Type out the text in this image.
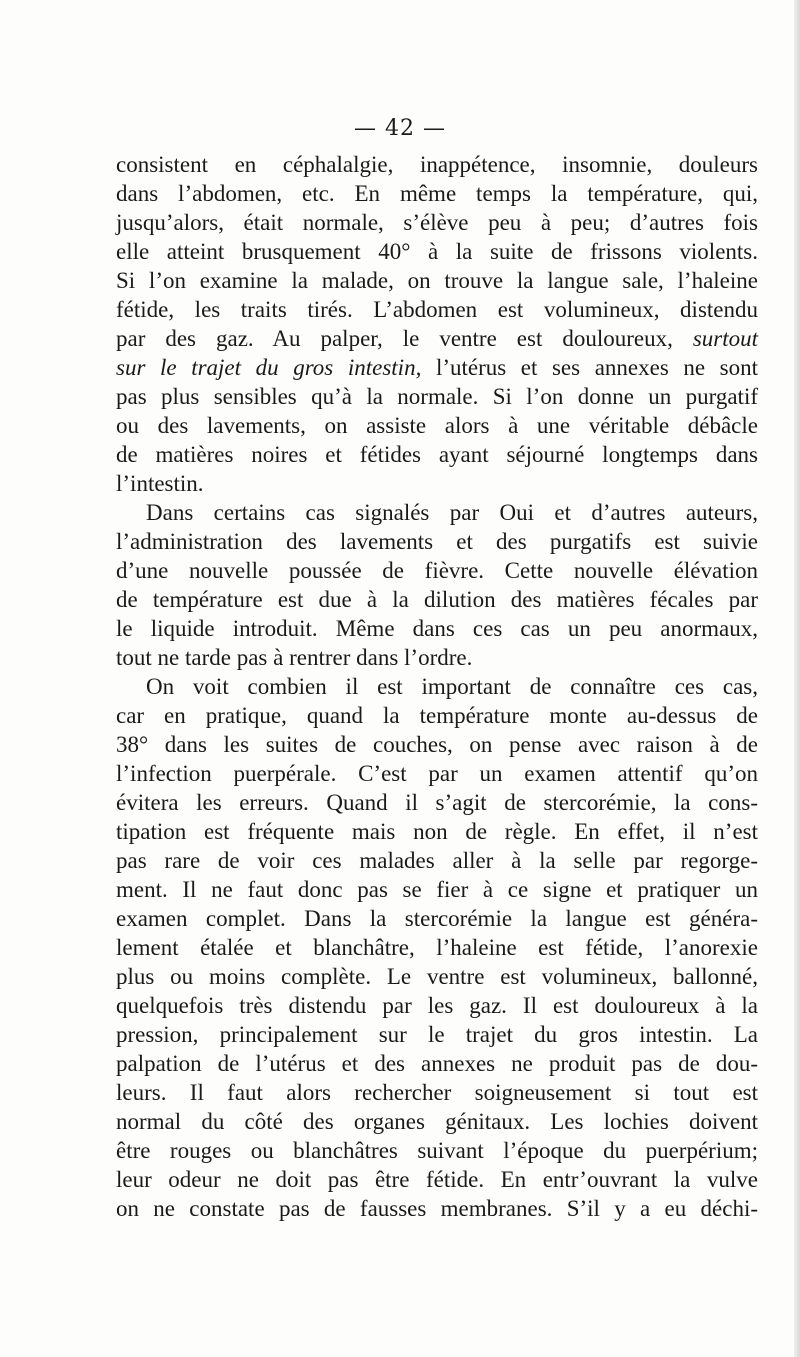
— 42 —
consistent en céphalalgie, inappétence, insomnie, douleurs
dans l’abdomen, etc. En même temps la température, qui,
jusqu’alors, était normale, s’élève peu à peu; d’autres fois
elle atteint brusquement 40° à la suite de frissons violents.
Si l’on examine la malade, on trouve la langue sale, l’haleine
fétide, les traits tirés. L’abdomen est volumineux, distendu
par des gaz. Au palper, le ventre est douloureux, surtout
sur le trajet du gros intestin, l’utérus et ses annexes ne sont
pas plus sensibles qu’à la normale. Si l’on donne un purgatif
ou des lavements, on assiste alors à une véritable débâcle
de matières noires et fétides ayant séjourné longtemps dans
l’intestin.
Dans certains cas signalés par Oui et d’autres auteurs,
l’administration des lavements et des purgatifs est suivie
d’une nouvelle poussée de fièvre. Cette nouvelle élévation
de température est due à la dilution des matières fécales par
le liquide introduit. Même dans ces cas un peu anormaux,
tout ne tarde pas à rentrer dans l’ordre.
On voit combien il est important de connaître ces cas,
car en pratique, quand la température monte au-dessus de
38° dans les suites de couches, on pense avec raison à de
l’infection puerpérale. C’est par un examen attentif qu’on
évitera les erreurs. Quand il s’agit de stercorémie, la cons-
tipation est fréquente mais non de règle. En effet, il n’est
pas rare de voir ces malades aller à la selle par regorge-
ment. Il ne faut donc pas se fier à ce signe et pratiquer un
examen complet. Dans la stercorémie la langue est généra-
lement étalée et blanchâtre, l’haleine est fétide, l’anorexie
plus ou moins complète. Le ventre est volumineux, ballonné,
quelquefois très distendu par les gaz. Il est douloureux à la
pression, principalement sur le trajet du gros intestin. La
palpation de l’utérus et des annexes ne produit pas de dou-
leurs. Il faut alors rechercher soigneusement si tout est
normal du côté des organes génitaux. Les lochies doivent
être rouges ou blanchâtres suivant l’époque du puerpérium;
leur odeur ne doit pas être fétide. En entr’ouvrant la vulve
on ne constate pas de fausses membranes. S’il y a eu déchi-
